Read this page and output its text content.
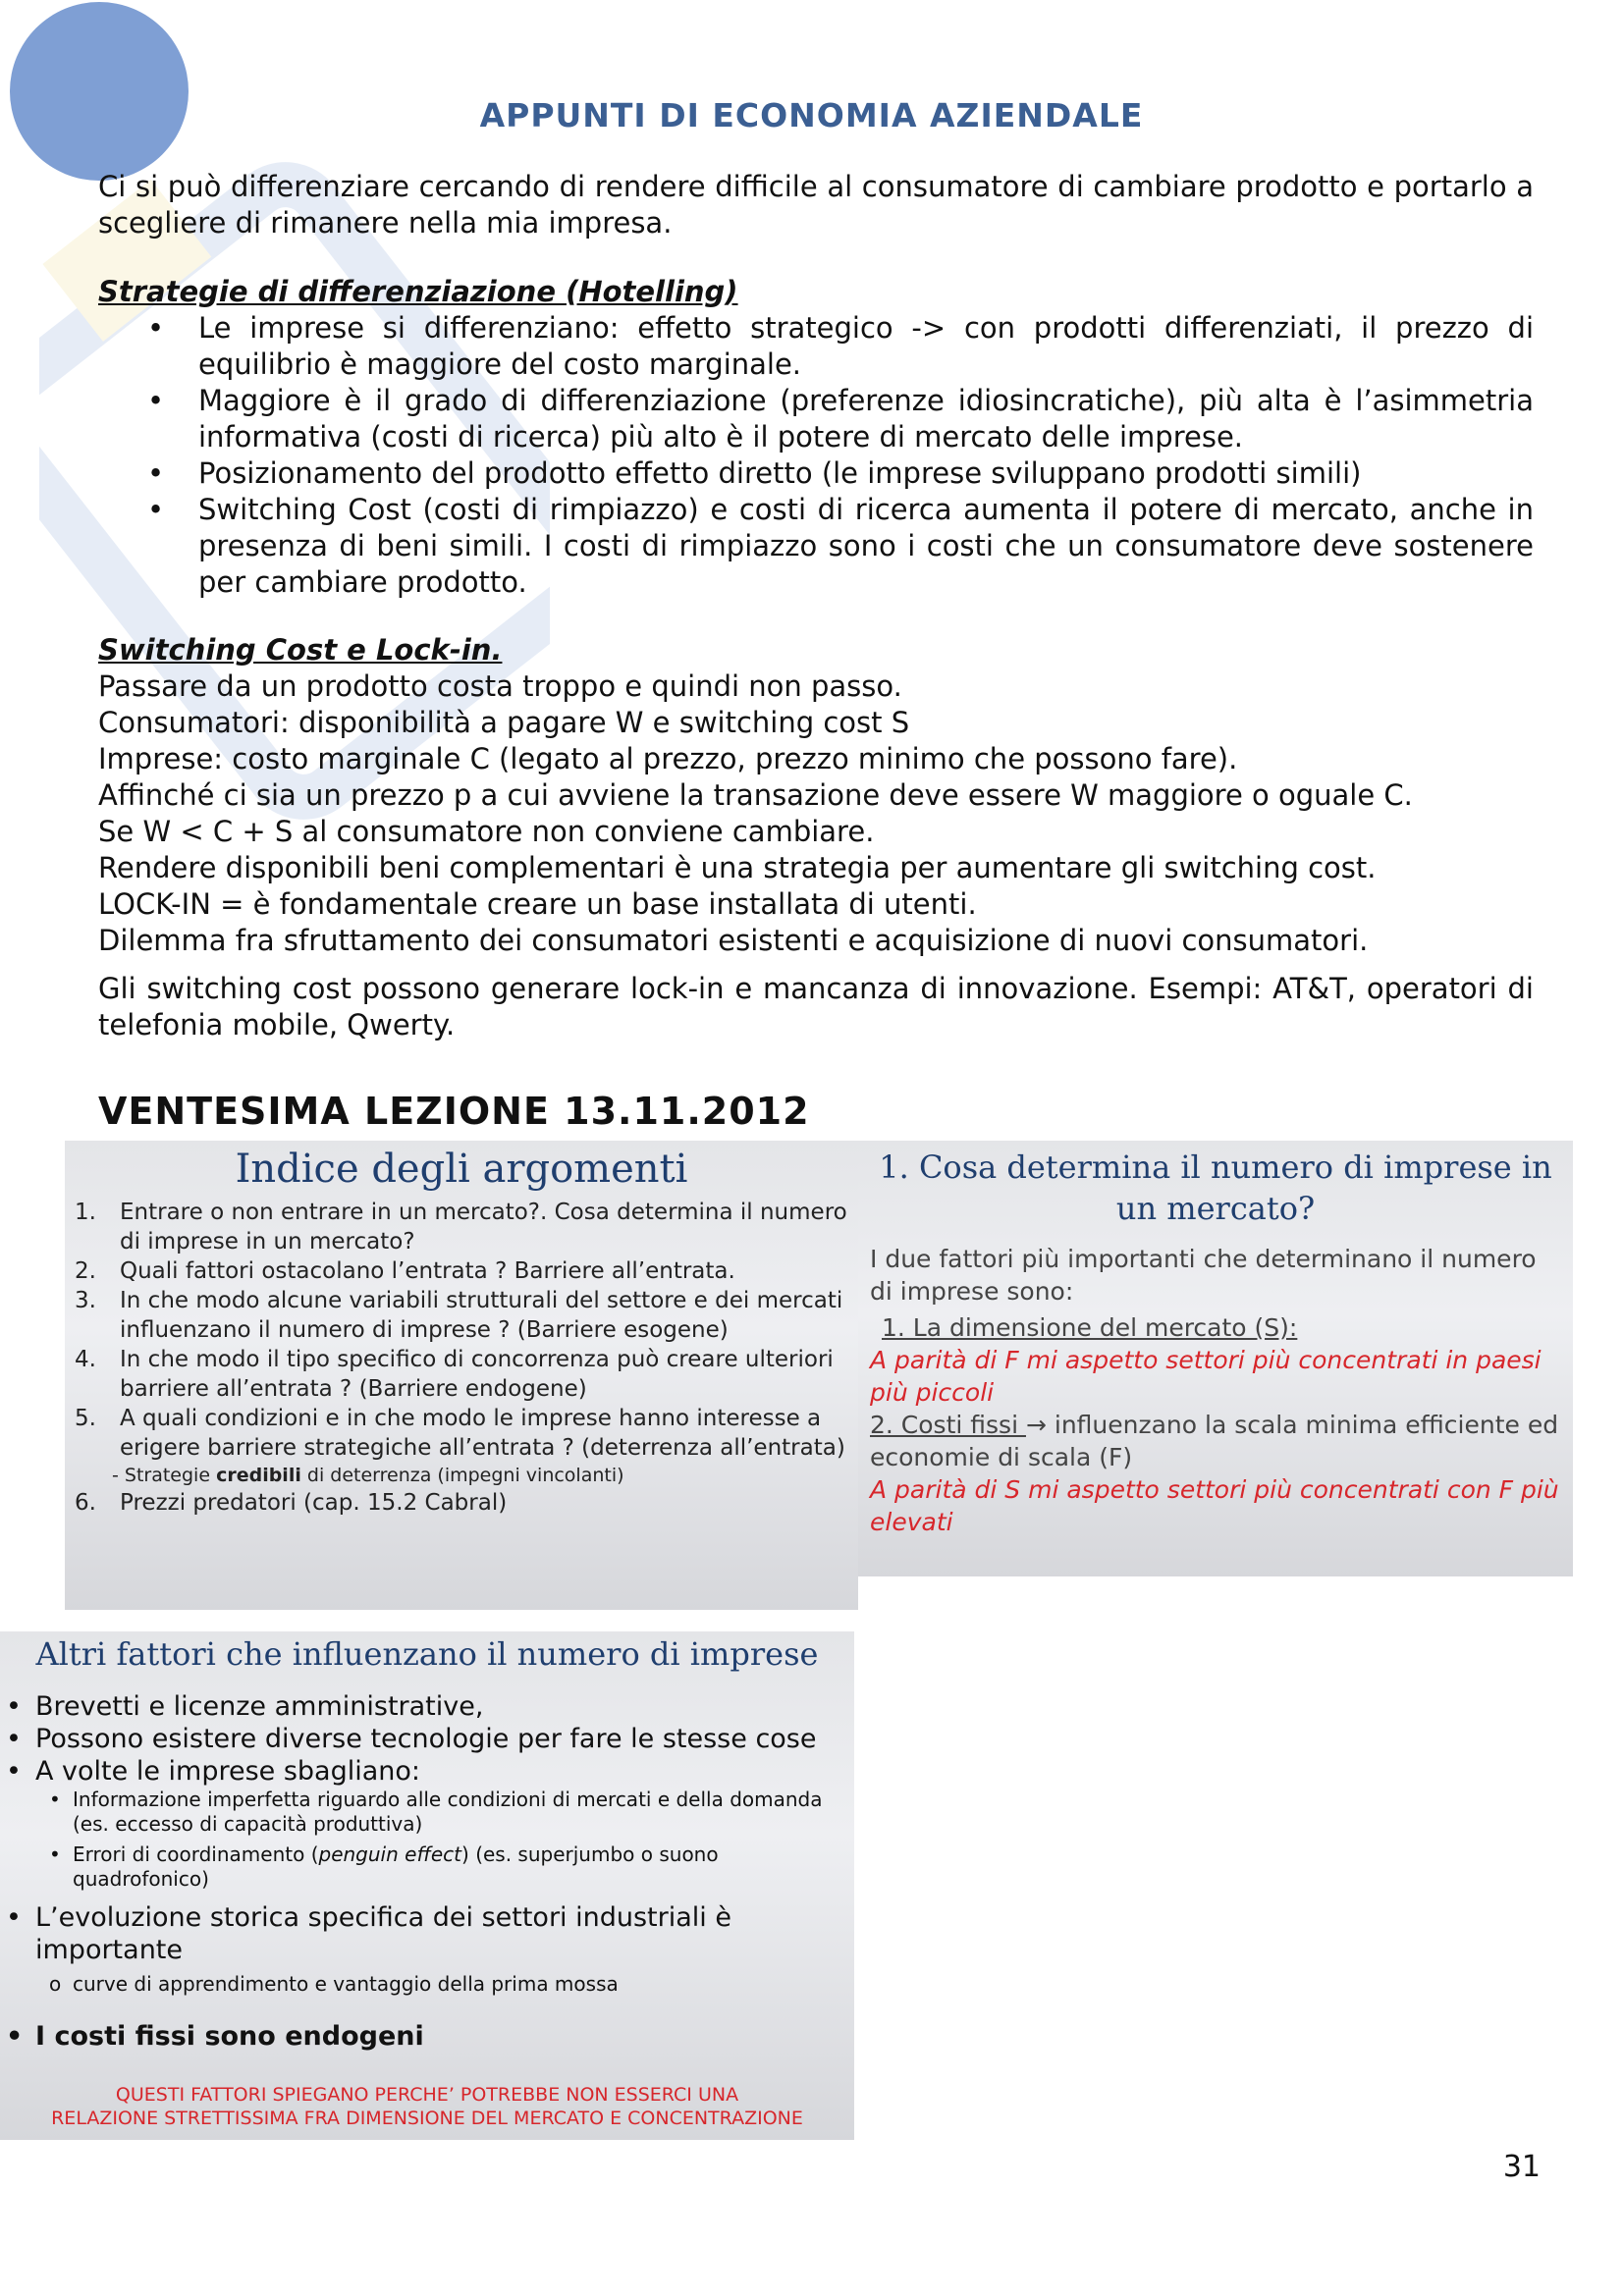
APPUNTI DI ECONOMIA AZIENDALE

Ci si può differenziare cercando di rendere difficile al consumatore di cambiare prodotto e portarlo a scegliere di rimanere nella mia impresa.

Strategie di differenziazione (Hotelling)

• Le imprese si differenziano: effetto strategico -> con prodotti differenziati, il prezzo di equilibrio è maggiore del costo marginale.
• Maggiore è il grado di differenziazione (preferenze idiosincratiche), più alta è l’asimmetria informativa (costi di ricerca) più alto è il potere di mercato delle imprese.
• Posizionamento del prodotto effetto diretto (le imprese sviluppano prodotti simili)
• Switching Cost (costi di rimpiazzo) e costi di ricerca aumenta il potere di mercato, anche in presenza di beni simili. I costi di rimpiazzo sono i costi che un consumatore deve sostenere per cambiare prodotto.

Switching Cost e Lock-in.

Passare da un prodotto costa troppo e quindi non passo.

Consumatori: disponibilità a pagare W e switching cost S

Imprese: costo marginale C (legato al prezzo, prezzo minimo che possono fare).

Affinché ci sia un prezzo p a cui avviene la transazione deve essere W maggiore o oguale C.

Se W < C + S al consumatore non conviene cambiare.

Rendere disponibili beni complementari è una strategia per aumentare gli switching cost.

LOCK-IN = è fondamentale creare un base installata di utenti.

Dilemma fra sfruttamento dei consumatori esistenti e acquisizione di nuovi consumatori.

Gli switching cost possono generare lock-in e mancanza di innovazione. Esempi: AT&T, operatori di telefonia mobile, Qwerty.

VENTESIMA LEZIONE 13.11.2012
Indice degli argomenti
1. Entrare o non entrare in un mercato?. Cosa determina il numero di imprese in un mercato?
2. Quali fattori ostacolano l’entrata ? Barriere all’entrata.
3. In che modo alcune variabili strutturali del settore e dei mercati influenzano il numero di imprese ? (Barriere esogene)
4. In che modo il tipo specifico di concorrenza può creare ulteriori barriere all’entrata ? (Barriere endogene)
5. A quali condizioni e in che modo le imprese hanno interesse a erigere barriere strategiche all’entrata ? (deterrenza all’entrata)
- Strategie credibili di deterrenza (impegni vincolanti)
6. Prezzi predatori (cap. 15.2 Cabral)
1. Cosa determina il numero di imprese in un mercato?
I due fattori più importanti che determinano il numero di imprese sono:
1. La dimensione del mercato (S):
A parità di F mi aspetto settori più concentrati in paesi più piccoli
2. Costi fissi → influenzano la scala minima efficiente ed economie di scala (F)
A parità di S mi aspetto settori più concentrati con F più elevati
Altri fattori che influenzano il numero di imprese
• Brevetti e licenze amministrative,
• Possono esistere diverse tecnologie per fare le stesse cose
• A volte le imprese sbagliano:
• Informazione imperfetta riguardo alle condizioni di mercati e della domanda (es. eccesso di capacità produttiva)
• Errori di coordinamento (penguin effect) (es. superjumbo o suono quadrofonico)
• L’evoluzione storica specifica dei settori industriali è importante
o curve di apprendimento e vantaggio della prima mossa
• I costi fissi sono endogeni
QUESTI FATTORI SPIEGANO PERCHE’ POTREBBE NON ESSERCI UNA
RELAZIONE STRETTISSIMA FRA DIMENSIONE DEL MERCATO E CONCENTRAZIONE
31
